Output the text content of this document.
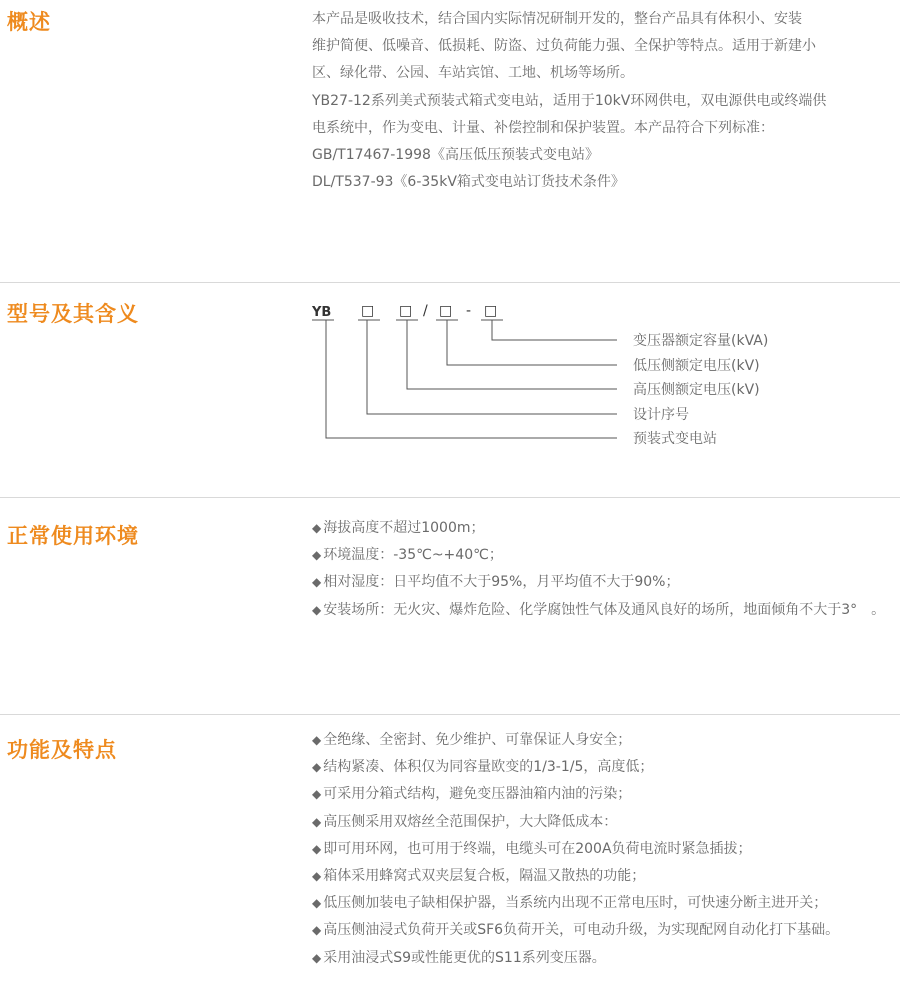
概述	本产品是吸收技术，结合国内实际情况研制开发的，整台产品具有体积小、安装

维护简便、低噪音、低损耗、防盗、过负荷能力强、全保护等特点。适用于新建小

区、绿化带、公园、车站宾馆、工地、机场等场所。

YB27-12系列美式预装式箱式变电站，适用于10kV环网供电，双电源供电或终端供

电系统中，作为变电、计量、补偿控制和保护装置。本产品符合下列标准：

GB/T17467-1998《高压低压预装式变电站》

DL/T537-93《6-35kV箱式变电站订货技术条件》

型号及其含义	YB □ □ / □ - □
变压器额定容量(kVA)
低压侧额定电压(kV)
高压侧额定电压(kV)
设计序号
预装式变电站
正常使用环境	◆ 海拔高度不超过1000m；
◆ 环境温度：-35℃~+40℃；
◆ 相对湿度：日平均值不大于95%，月平均值不大于90%；
◆ 安装场所：无火灾、爆炸危险、化学腐蚀性气体及通风良好的场所，地面倾角不大于3°　。
功能及特点	◆ 全绝缘、全密封、免少维护、可靠保证人身安全；
◆ 结构紧凑、体积仅为同容量欧变的1/3-1/5，高度低；
◆ 可采用分箱式结构，避免变压器油箱内油的污染；
◆ 高压侧采用双熔丝全范围保护，大大降低成本：
◆ 即可用环网，也可用于终端，电缆头可在200A负荷电流时紧急插拔；
◆ 箱体采用蜂窝式双夹层复合板，隔温又散热的功能；
◆ 低压侧加装电子缺相保护器，当系统内出现不正常电压时，可快速分断主进开关；
◆ 高压侧油浸式负荷开关或SF6负荷开关，可电动升级，为实现配网自动化打下基础。
◆ 采用油浸式S9或性能更优的S11系列变压器。
